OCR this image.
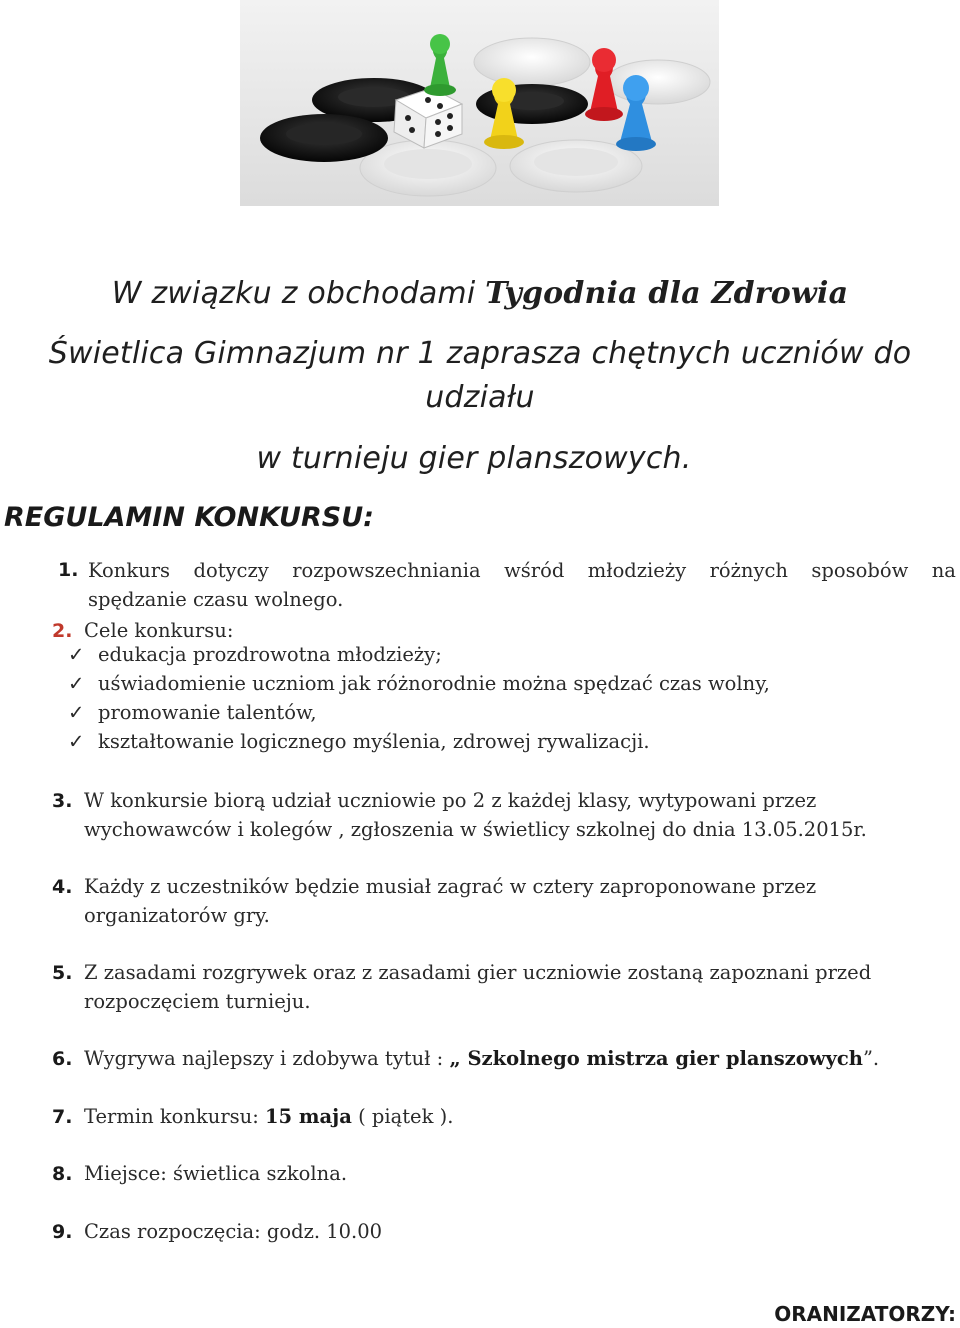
W związku z obchodami Tygodnia dla Zdrowia
Świetlica Gimnazjum nr 1 zaprasza chętnych uczniów do
udziału
w turnieju gier planszowych.
REGULAMIN KONKURSU:
1. Konkurs dotyczy rozpowszechniania wśród młodzieży różnych sposobów na
spędzanie czasu wolnego.
2. Cele konkursu:
✓ edukacja prozdrowotna młodzieży;
✓ uświadomienie uczniom jak różnorodnie można spędzać czas wolny,
✓ promowanie talentów,
✓ kształtowanie logicznego myślenia, zdrowej rywalizacji.
3. W konkursie biorą udział uczniowie po 2 z każdej klasy, wytypowani przez
wychowawców i kolegów , zgłoszenia w świetlicy szkolnej do dnia 13.05.2015r.
4. Każdy z uczestników będzie musiał zagrać w cztery zaproponowane przez
organizatorów gry.
5. Z zasadami rozgrywek oraz z zasadami gier uczniowie zostaną zapoznani przed
rozpoczęciem turnieju.
6. Wygrywa najlepszy i zdobywa tytuł : „ Szkolnego mistrza gier planszowych”.
7. Termin konkursu: 15 maja ( piątek ).
8. Miejsce: świetlica szkolna.
9. Czas rozpoczęcia: godz. 10.00
ORANIZATORZY:
